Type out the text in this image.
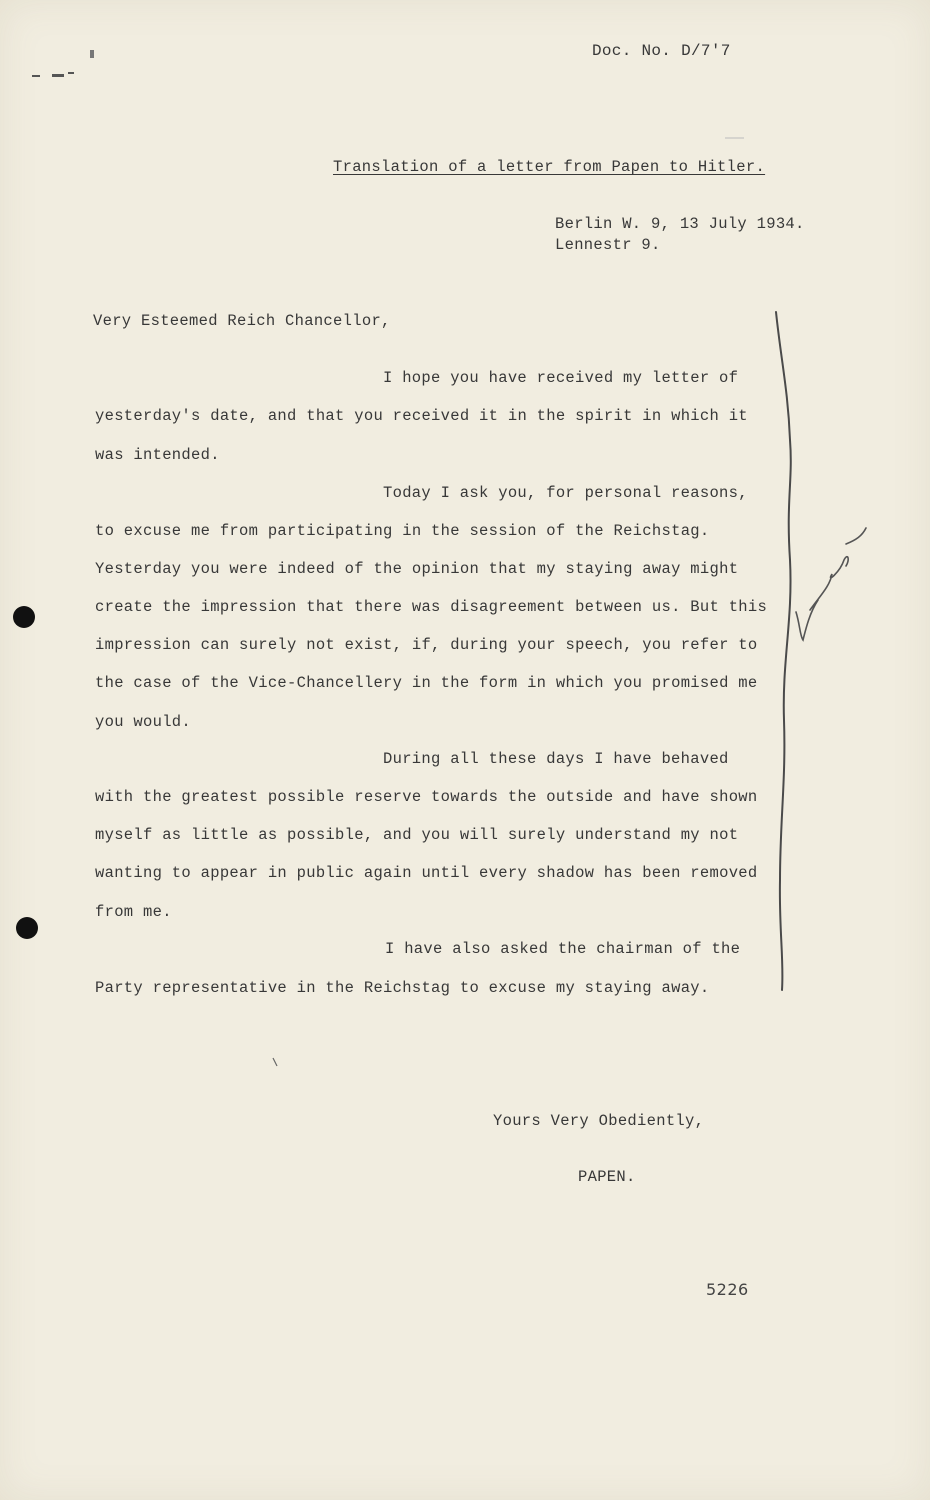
Doc. No. D/7'7
Translation of a letter from Papen to Hitler.
Berlin W. 9, 13 July 1934.
Lennestr 9.
Very Esteemed Reich Chancellor,
I hope you have received my letter of
yesterday's date, and that you received it in the spirit in which it
was intended.
Today I ask you, for personal reasons,
to excuse me from participating in the session of the Reichstag.
Yesterday you were indeed of the opinion that my staying away might
create the impression that there was disagreement between us. But this
impression can surely not exist, if, during your speech, you refer to
the case of the Vice-Chancellery in the form in which you promised me
you would.
During all these days I have behaved
with the greatest possible reserve towards the outside and have shown
myself as little as possible, and you will surely understand my not
wanting to appear in public again until every shadow has been removed
from me.
I have also asked the chairman of the
Party representative in the Reichstag to excuse my staying away.
Yours Very Obediently,
PAPEN.
5226
